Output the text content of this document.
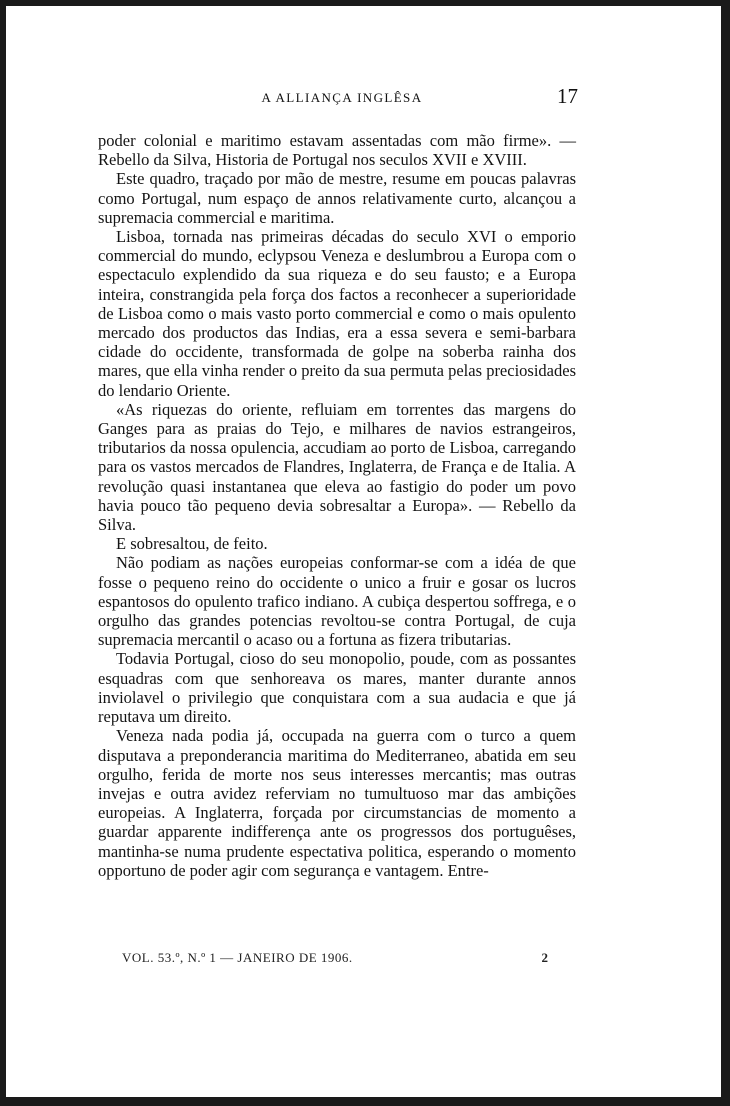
A ALLIANÇA INGLÊSA	17

poder colonial e maritimo estavam assentadas com mão firme». —Rebello da Silva, Historia de Portugal nos seculos XVII e XVIII.

Este quadro, traçado por mão de mestre, resume em poucas palavras como Portugal, num espaço de annos relativamente curto, alcançou a supremacia commercial e maritima.

Lisboa, tornada nas primeiras décadas do seculo XVI o emporio commercial do mundo, eclypsou Veneza e deslumbrou a Europa com o espectaculo explendido da sua riqueza e do seu fausto; e a Europa inteira, constrangida pela força dos factos a reconhecer a superioridade de Lisboa como o mais vasto porto commercial e como o mais opulento mercado dos productos das Indias, era a essa severa e semi-barbara cidade do occidente, transformada de golpe na soberba rainha dos mares, que ella vinha render o preito da sua permuta pelas preciosidades do lendario Oriente.

«As riquezas do oriente, refluiam em torrentes das margens do Ganges para as praias do Tejo, e milhares de navios estrangeiros, tributarios da nossa opulencia, accudiam ao porto de Lisboa, carregando para os vastos mercados de Flandres, Inglaterra, de França e de Italia. A revolução quasi instantanea que eleva ao fastigio do poder um povo havia pouco tão pequeno devia sobresaltar a Europa». — Rebello da Silva.

E sobresaltou, de feito.

Não podiam as nações europeias conformar-se com a idéa de que fosse o pequeno reino do occidente o unico a fruir e gosar os lucros espantosos do opulento trafico indiano. A cubiça despertou soffrega, e o orgulho das grandes potencias revoltou-se contra Portugal, de cuja supremacia mercantil o acaso ou a fortuna as fizera tributarias.

Todavia Portugal, cioso do seu monopolio, poude, com as possantes esquadras com que senhoreava os mares, manter durante annos inviolavel o privilegio que conquistara com a sua audacia e que já reputava um direito.

Veneza nada podia já, occupada na guerra com o turco a quem disputava a preponderancia maritima do Mediterraneo, abatida em seu orgulho, ferida de morte nos seus interesses mercantis; mas outras invejas e outra avidez referviam no tumultuoso mar das ambições europeias. A Inglaterra, forçada por circumstancias de momento a guardar apparente indifferença ante os progressos dos portuguêses, mantinha-se numa prudente espectativa politica, esperando o momento opportuno de poder agir com segurança e vantagem. Entre-

VOL. 53.º, N.º 1 — JANEIRO DE 1906.	2
